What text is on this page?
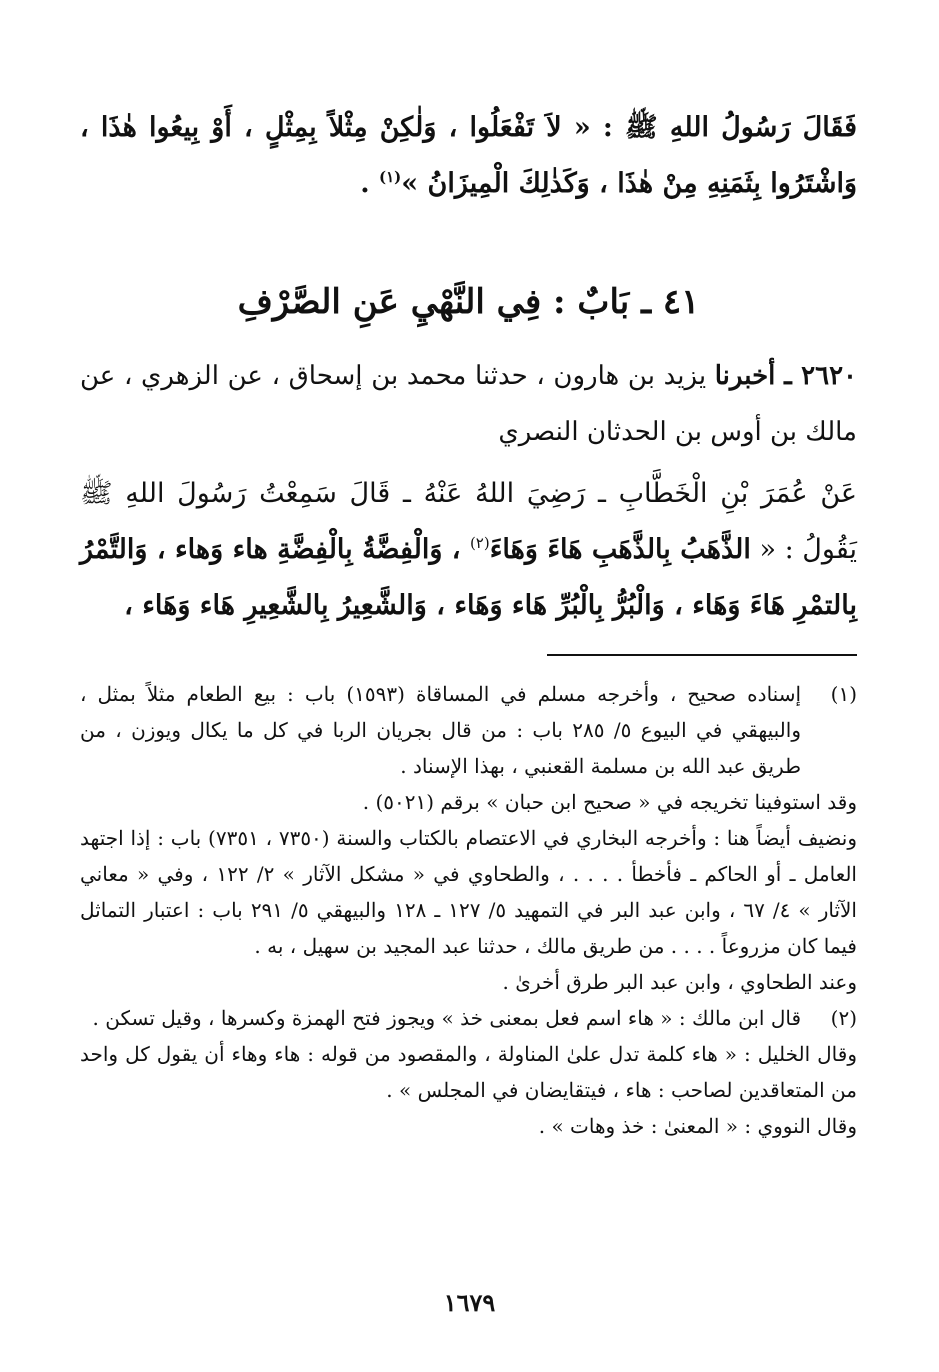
فَقَالَ رَسُولُ اللهِ ﷺ : « لاَ تَفْعَلُوا ، وَلٰكِنْ مِثْلاً بِمِثْلٍ ، أَوْ بِيعُوا هٰذَا ، وَاشْتَرُوا بِثَمَنِهِ مِنْ هٰذَا ، وَكَذٰلِكَ الْمِيزَانُ »$^{(١)}$ .

٤١ ـ بَابٌ : فِي النَّهْيِ عَنِ الصَّرْفِ

٢٦٢٠ ـ أخبرنا يزيد بن هارون ، حدثنا محمد بن إسحاق ، عن الزهري ، عن مالك بن أوس بن الحدثان النصري

عَنْ عُمَرَ بْنِ الْخَطَّابِ ـ رَضِيَ اللهُ عَنْهُ ـ قَالَ سَمِعْتُ رَسُولَ اللهِ ﷺ يَقُولُ : « الذَّهَبُ بِالذَّهَبِ هَاءَ وَهَاءَ$^{(٢)}$ ، وَالْفِضَّةُ بِالْفِضَّةِ هاء وَهاء ، وَالتَّمْرُ بِالتمْرِ هَاءَ وَهَاء ، وَالْبُرُّ بِالْبُرِّ هَاء وَهَاء ، وَالشَّعِيرُ بِالشَّعِيرِ هَاء وَهَاء ،

(١)

إسناده صحيح ، وأخرجه مسلم في المساقاة (١٥٩٣) باب : بيع الطعام مثلاً بمثل ، والبيهقي في البيوع ٥/ ٢٨٥ باب : من قال بجريان الربا في كل ما يكال ويوزن ، من طريق عبد الله بن مسلمة القعنبي ، بهذا الإسناد .

وقد استوفينا تخريجه في « صحيح ابن حبان » برقم (٥٠٢١) .

ونضيف أيضاً هنا : وأخرجه البخاري في الاعتصام بالكتاب والسنة (٧٣٥٠ ، ٧٣٥١) باب : إذا اجتهد العامل ـ أو الحاكم ـ فأخطأ . . . . ، والطحاوي في « مشكل الآثار » ٢/ ١٢٢ ، وفي « معاني الآثار » ٤/ ٦٧ ، وابن عبد البر في التمهيد ٥/ ١٢٧ ـ ١٢٨ والبيهقي ٥/ ٢٩١ باب : اعتبار التماثل فيما كان مزروعاً . . . . من طريق مالك ، حدثنا عبد المجيد بن سهيل ، به .

وعند الطحاوي ، وابن عبد البر طرق أخرىٰ .

(٢)

قال ابن مالك : « هاء اسم فعل بمعنى خذ » ويجوز فتح الهمزة وكسرها ، وقيل تسكن .

وقال الخليل : « هاء كلمة تدل علىٰ المناولة ، والمقصود من قوله : هاء وهاء أن يقول كل واحد من المتعاقدين لصاحب : هاء ، فيتقايضان في المجلس » .

وقال النووي : « المعنىٰ : خذ وهات » .

١٦٧٩
